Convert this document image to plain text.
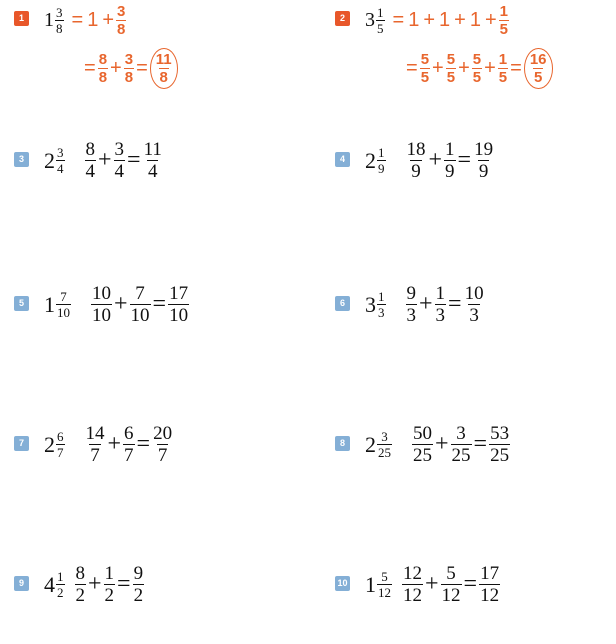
1 $1 \frac{3}{8} = 1 + \frac{3}{8}$
= $\frac{8}{8} + \frac{3}{8} = \frac{11}{8}$
2 $3 \frac{1}{5} = 1 + 1 + 1 + \frac{1}{5}$
= $\frac{5}{5} + \frac{5}{5} + \frac{5}{5} + \frac{1}{5} = \frac{16}{5}$
3 $2 \frac{3}{4} \frac{8}{4} + \frac{3}{4} = \frac{11}{4}$	4 $2 \frac{1}{9} \frac{18}{9} + \frac{1}{9} = \frac{19}{9}$
5 $1 \frac{7}{10} \frac{10}{10} + \frac{7}{10} = \frac{17}{10}$	6 $3 \frac{1}{3} \frac{9}{3} + \frac{1}{3} = \frac{10}{3}$
7 $2 \frac{6}{7} \frac{14}{7} + \frac{6}{7} = \frac{20}{7}$	8 $2 \frac{3}{25} \frac{50}{25} + \frac{3}{25} = \frac{53}{25}$
9 $4 \frac{1}{2} \frac{8}{2} + \frac{1}{2} = \frac{9}{2}$	10 $1 \frac{5}{12} \frac{12}{12} + \frac{5}{12} = \frac{17}{12}$
